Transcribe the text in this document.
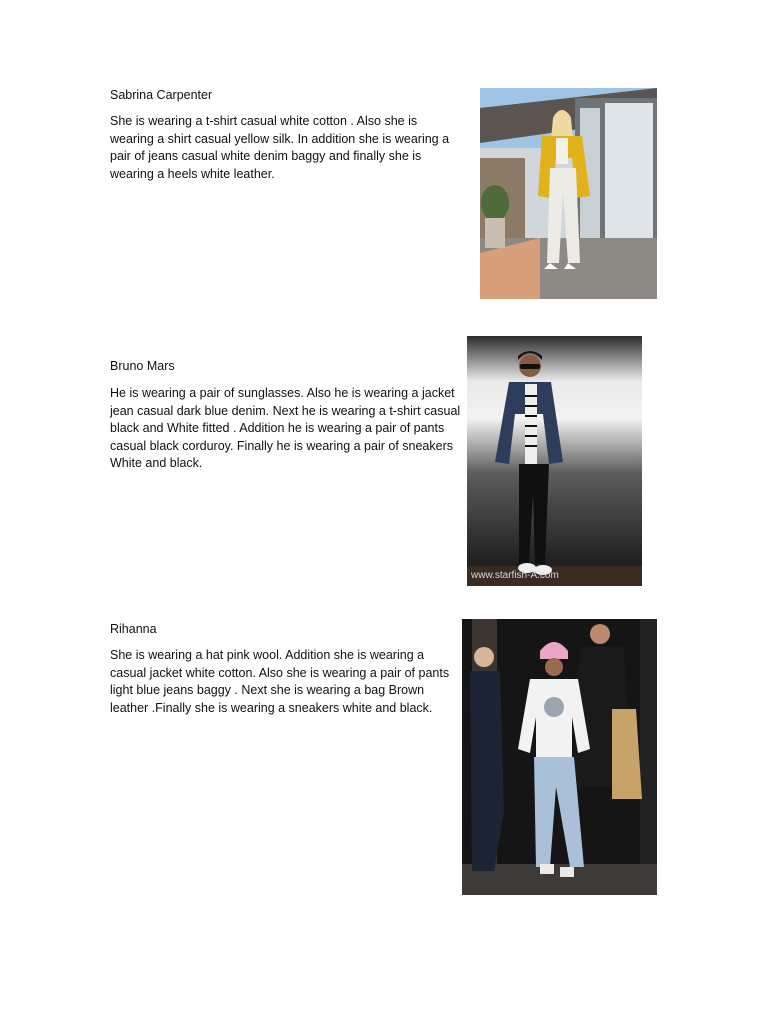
Sabrina Carpenter

She is wearing a t-shirt casual white cotton . Also she is wearing a shirt casual yellow silk. In addition she is wearing a pair of jeans casual white denim baggy and finally she is wearing a heels white leather.

Bruno Mars

He is wearing a pair of sunglasses. Also he is wearing a jacket jean casual dark blue denim. Next he is wearing a t-shirt casual black and White fitted . Addition he is wearing a pair of pants casual black corduroy. Finally he is wearing a pair of sneakers White and black.

www.starfish-A.com

Rihanna

She is wearing a hat pink wool. Addition she is wearing a casual jacket white cotton. Also she is wearing a pair of pants light blue jeans baggy . Next she is wearing a bag Brown leather .Finally she is wearing a sneakers white and black.
